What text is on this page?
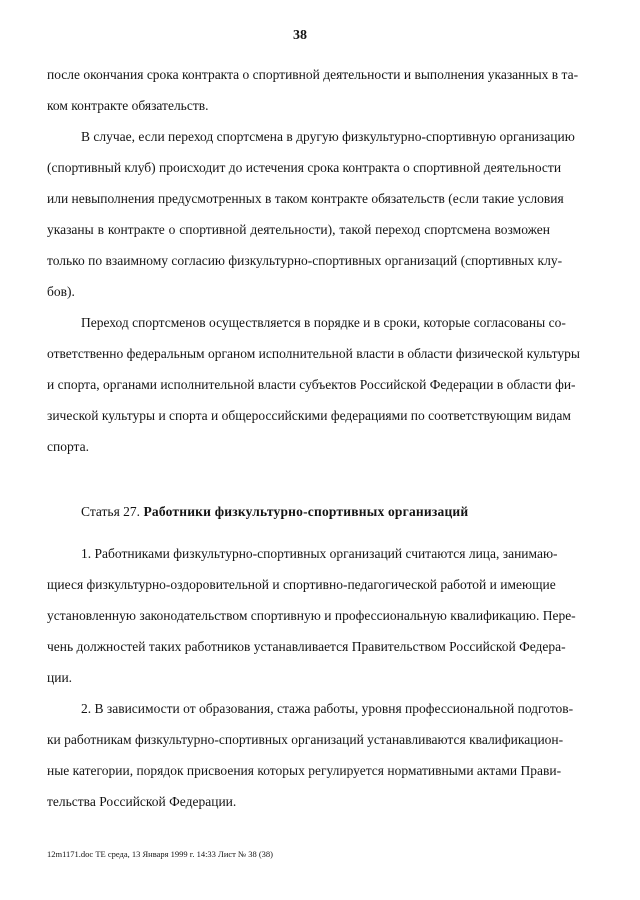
38
после окончания срока контракта о спортивной деятельности и выполнения указанных в та-
ком контракте обязательств.
В случае, если переход спортсмена в другую физкультурно-спортивную организацию
(спортивный клуб) происходит до истечения срока контракта о спортивной деятельности
или невыполнения предусмотренных в таком контракте обязательств (если такие условия
указаны в контракте о спортивной деятельности), такой переход спортсмена возможен
только по взаимному согласию физкультурно-спортивных организаций (спортивных клу-
бов).
Переход спортсменов осуществляется в порядке и в сроки, которые согласованы со-
ответственно федеральным органом исполнительной власти в области физической культуры
и спорта, органами исполнительной власти субъектов Российской Федерации в области фи-
зической культуры и спорта и общероссийскими федерациями по соответствующим видам
спорта.
Статья 27. Работники физкультурно-спортивных организаций
1. Работниками физкультурно-спортивных организаций считаются лица, занимаю-
щиеся физкультурно-оздоровительной и спортивно-педагогической работой и имеющие
установленную законодательством спортивную и профессиональную квалификацию. Пере-
чень должностей таких работников устанавливается Правительством Российской Федера-
ции.
2. В зависимости от образования, стажа работы, уровня профессиональной подготов-
ки работникам физкультурно-спортивных организаций устанавливаются квалификацион-
ные категории, порядок присвоения которых регулируется нормативными актами Прави-
тельства Российской Федерации.
12m1171.doc ТЕ среда, 13 Января 1999 г. 14:33 Лист № 38 (38)
